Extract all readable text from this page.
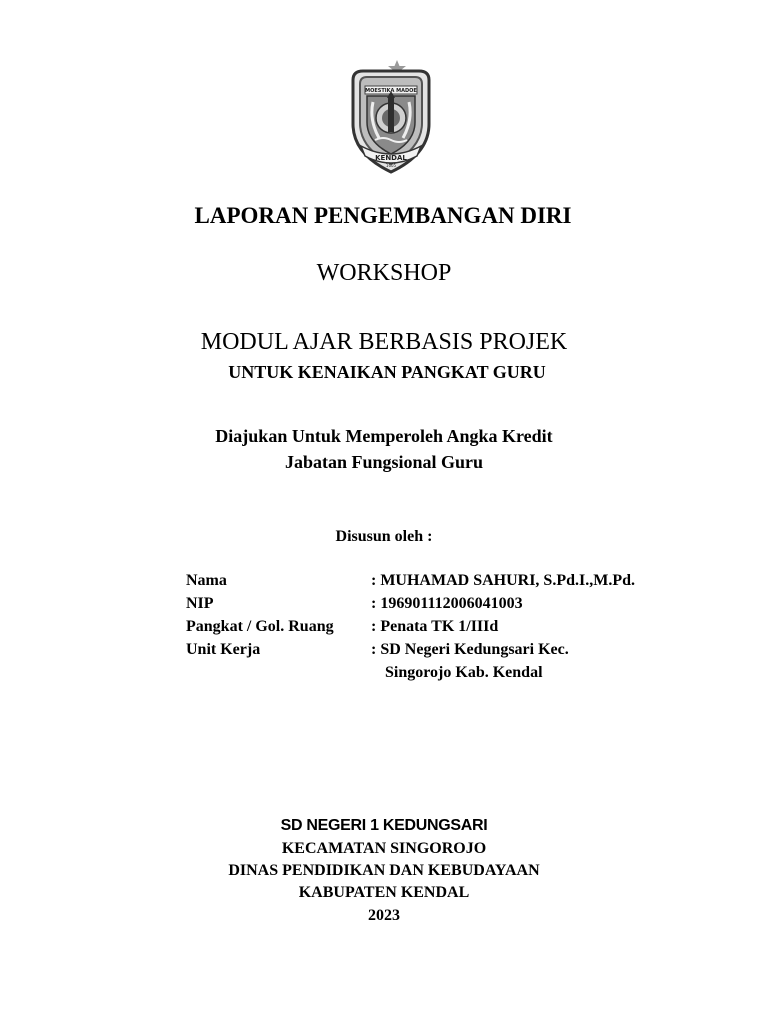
MOESTIKA MADOE
KENDAL
1605
LAPORAN PENGEMBANGAN DIRI
WORKSHOP
MODUL AJAR BERBASIS PROJEK
UNTUK KENAIKAN PANGKAT GURU
Diajukan Untuk Memperoleh Angka Kredit
Jabatan Fungsional Guru
Disusun oleh :
Nama	: MUHAMAD SAHURI, S.Pd.I.,M.Pd.
NIP	: 196901112006041003
Pangkat / Gol. Ruang : Penata TK 1/IIId
Unit Kerja	: SD Negeri Kedungsari Kec.
Singorojo Kab. Kendal
SD NEGERI 1 KEDUNGSARI
KECAMATAN SINGOROJO
DINAS PENDIDIKAN DAN KEBUDAYAAN
KABUPATEN KENDAL
2023
